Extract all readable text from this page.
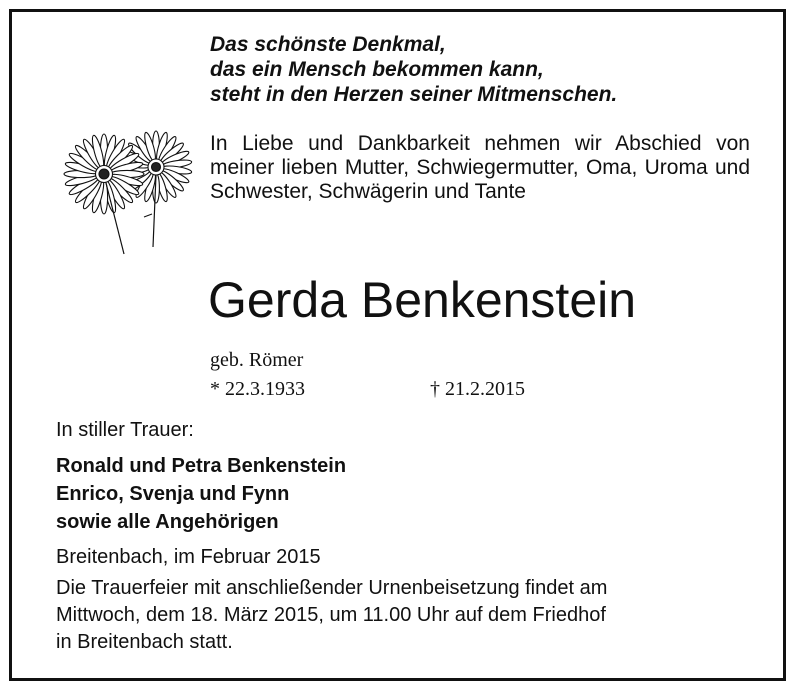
Das schönste Denkmal,
das ein Mensch bekommen kann,
steht in den Herzen seiner Mitmenschen.

In Liebe und Dankbarkeit nehmen wir Abschied von meiner lieben Mutter, Schwiegermutter, Oma, Uroma und Schwester, Schwägerin und Tante

Gerda Benkenstein
geb. Römer
* 22.3.1933	† 21.2.2015
In stiller Trauer:
Ronald und Petra Benkenstein
Enrico, Svenja und Fynn
sowie alle Angehörigen
Breitenbach, im Februar 2015
Die Trauerfeier mit anschließender Urnenbeisetzung findet am
Mittwoch, dem 18. März 2015, um 11.00 Uhr auf dem Friedhof
in Breitenbach statt.
